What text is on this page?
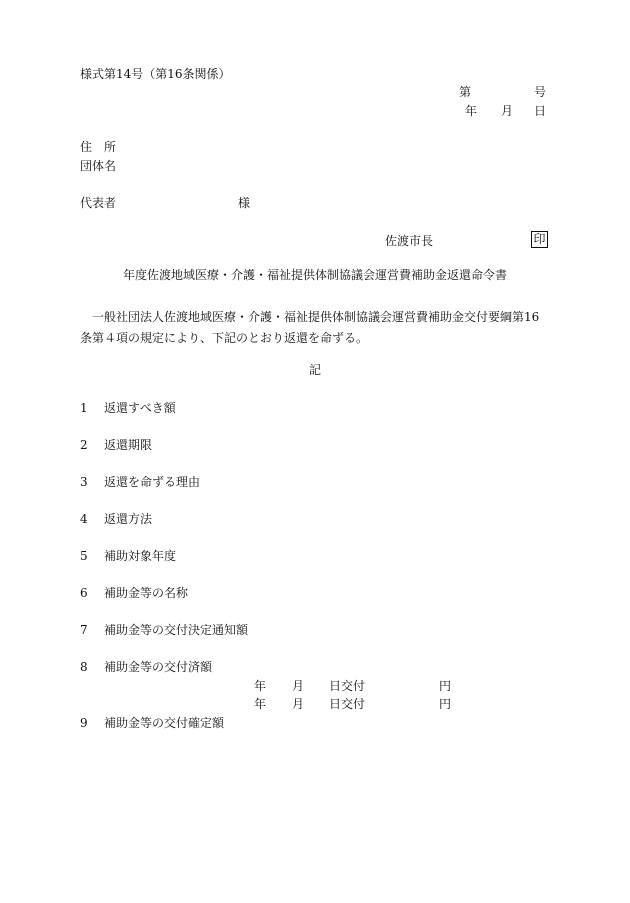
様式第14号（第16条関係）
第	号
年 月 日
住　所
団体名
代表者	様
佐渡市長	印
年度佐渡地域医療・介護・福祉提供体制協議会運営費補助金返還命令書
一般社団法人佐渡地域医療・介護・福祉提供体制協議会運営費補助金交付要綱第16条第４項の規定により、下記のとおり返還を命ずる。
記
1 返還すべき額
2 返還期限
3 返還を命ずる理由
4 返還方法
5 補助対象年度
6 補助金等の名称
7 補助金等の交付決定通知額
8 補助金等の交付済額
年 月 日交付	円
年 月 日交付	円
9 補助金等の交付確定額
